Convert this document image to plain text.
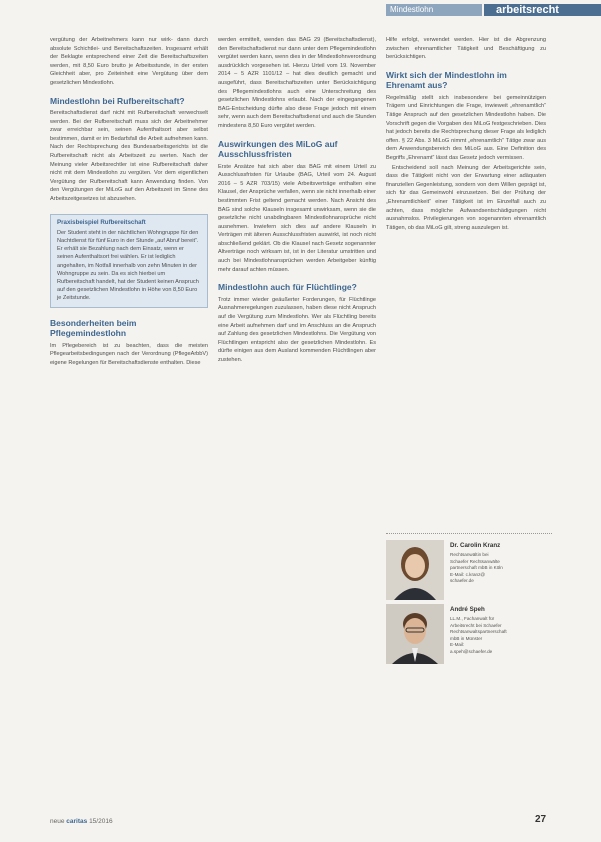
Mindestlohn	arbeitsrecht

vergütung der Arbeitnehmers kann nur wirk- dann durch absolute Schichtlei- und Bereitschaftszeiten. Insgesamt erhält der Beklagte entsprechend einer Zeit die Bereitschaftszeiten werden, mit 8,50 Euro brutto je Arbeitsstunde, in der ersten Gleichheit aber, pro Zeiteinheit eine Vergütung über dem gesetzlichen Mindestlohn.

Mindestlohn bei Rufbereitschaft?

Bereitschaftsdienst darf nicht mit Rufbereitschaft verwechselt werden. Bei der Rufbereitschaft muss sich der Arbeitnehmer zwar erreichbar sein, seinen Aufenthaltsort aber selbst bestimmen, damit er im Bedarfsfall die Arbeit aufnehmen kann. Nach der Rechtsprechung des Bundesarbeitsgerichts ist die Rufbereitschaft nicht als Arbeitszeit zu werten. Nach der Meinung vieler Arbeitsrechtler ist eine Rufbereitschaft daher nicht mit dem Mindestlohn zu vergüten. Vor dem eigentlichen Vergütung der Rufbereitschaft kann Anwendung finden. Von den Vergütungen der MiLoG auf den Arbeitszeit im Sinne des Arbeitszeitgesetzes ist abzusehen.

Praxisbeispiel Rufbereitschaft
Der Student steht in der nächtlichen Wohngruppe für den Nachtdienst für fünf Euro in der Stunde „auf Abruf bereit“. Er erhält sie Bezahlung nach dem Einsatz, wenn er seinen Aufenthaltsort frei wählen. Er ist lediglich angehalten, im Notfall innerhalb von zehn Minuten in der Wohngruppe zu sein. Da es sich hierbei um Rufbereitschaft handelt, hat der Student keinen Anspruch auf den gesetzlichen Mindestlohn in Höhe von 8,50 Euro je Zeitstunde.
Besonderheiten beim Pflegemindestlohn

Im Pflegebereich ist zu beachten, dass die meisten Pflegearbeitsbedingungen nach der Verordnung (PflegeArbbV) eigene Regelungen für Bereitschaftsdienste enthalten. Diese

werden ermittelt, wenden das BAG 29 (Bereitschaftsdienst), den Bereitschaftsdienst nur dann unter dem Pflegemindestlohn vergütet werden kann, wenn dies in der Mindestlohnverordnung ausdrücklich vorgesehen ist. Hierzu Urteil vom 19. November 2014 – 5 AZR 1101/12 – hat dies deutlich gemacht und ausgeführt, dass Bereitschaftszeiten unter Berücksichtigung des Pflegemindestlohns auch eine Unterschreitung des gesetzlichen Mindestlohns erlaubt. Nach der eingegangenen BAG-Entscheidung dürfte also diese Frage jedoch mit einem sehr, wenn auch dem Bereitschaftsdienst und auch die Stunden mindestens 8,50 Euro vergütet werden.

Auswirkungen des MiLoG auf Ausschlussfristen

Erste Ansätze hat sich aber das BAG mit einem Urteil zu Ausschlussfristen für Urlaube (BAG, Urteil vom 24. August 2016 – 5 AZR 703/15) viele Arbeitsverträge enthalten eine Klausel, der Ansprüche verfallen, wenn sie nicht innerhalb einer bestimmten Frist geltend gemacht werden. Nach Ansicht des BAG sind solche Klauseln insgesamt unwirksam, wenn sie die gesetzliche nicht unabdingbaren Mindestlohnansprüche nicht ausnehmen. Inwiefern sich dies auf andere Klauseln in Verträgen mit älteren Ausschlussfristen auswirkt, ist noch nicht abschließend geklärt. Ob die Klausel nach Gesetz sogenannter Altverträge noch wirksam ist, ist in der Literatur umstritten und auch bei Mindestlohnansprüchen werden Arbeitgeber künftig mehr darauf achten müssen.

Mindestlohn auch für Flüchtlinge?

Trotz immer wieder geäußerter Forderungen, für Flüchtlinge Ausnahmeregelungen zuzulassen, haben diese nicht Anspruch auf die Vergütung zum Mindestlohn. Wer als Flüchtling bereits eine Arbeit aufnehmen darf und im Anschluss an die Anspruch auf Zahlung des gesetzlichen Mindestlohns. Die Vergütung von Flüchtlingen entspricht also der gesetzlichen Mindestlohn. Es dürfte einigen aus dem Ausland kommenden Flüchtlingen aber zustehen.

Hilfe erfolgt, verwendet werden. Hier ist die Abgrenzung zwischen ehrenamtlicher Tätigkeit und Beschäftigung zu berücksichtigen.

Wirkt sich der Mindestlohn im Ehrenamt aus?

Regelmäßig stellt sich insbesondere bei gemeinnützigen Trägern und Einrichtungen die Frage, inwieweit „ehrenamtlich“ Tätige Anspruch auf den gesetzlichen Mindestlohn haben. Die Vorschrift gegen die Vorgaben des MiLoG festgeschrieben. Dies hat jedoch bereits die Rechtsprechung dieser Frage als lediglich offen. § 22 Abs. 3 MiLoG nimmt „ehrenamtlich“ Tätige zwar aus dem Anwendungsbereich des MiLoG aus. Eine Definition des Begriffs „Ehrenamt“ lässt das Gesetz jedoch vermissen.

Entscheidend soll nach Meinung der Arbeitsgerichte sein, dass die Tätigkeit nicht von der Erwartung einer adäquaten finanziellen Gegenleistung, sondern von dem Willen geprägt ist, sich für das Gemeinwohl einzusetzen. Bei der Prüfung der „Ehrenamtlichkeit“ einer Tätigkeit ist im Einzelfall auch zu achten, dass mögliche Aufwandsentschädigungen nicht ausnahmslos. Privilegierungen von sogenannten ehrenamtlich Tätigen, ob das MiLoG gilt, streng auszulegen ist.

Dr. Carolin Kranz
Rechtsanwältin bei
Schaefer Rechtsanwälte
partnerschaft mbB in Köln
E-Mail: c.kranz@
schaefer.de
André Speh
LL.M., Fachanwalt für
Arbeitsrecht bei Schaefer
Rechtsanwaltspartnerschaft
mbB in Münster
E-Mail:
a.speh@schaefer.de
neue caritas 15/2016	27
